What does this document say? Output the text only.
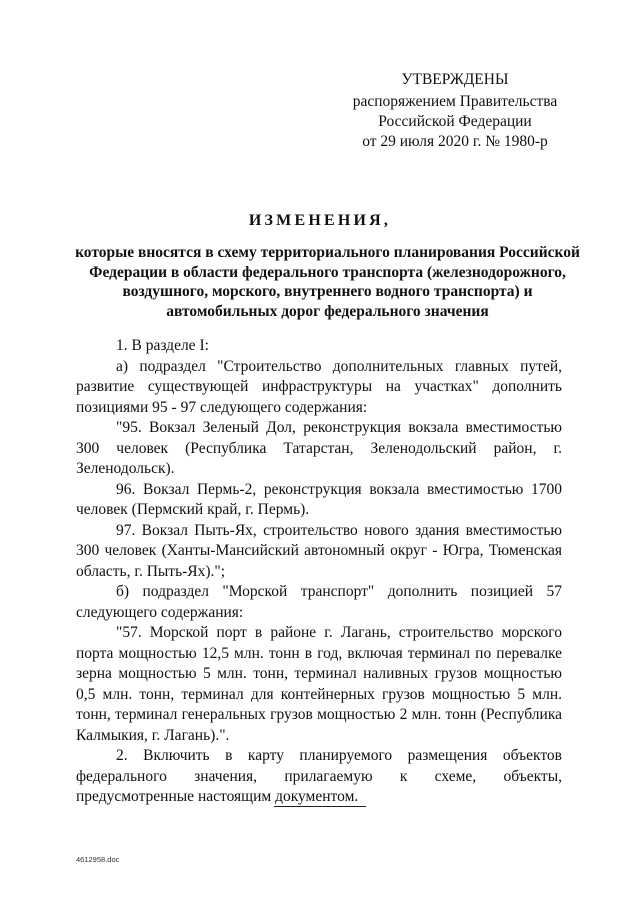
УТВЕРЖДЕНЫ
распоряжением Правительства
Российской Федерации
от 29 июля 2020 г. № 1980-р
ИЗМЕНЕНИЯ,
которые вносятся в схему территориального планирования Российской Федерации в области федерального транспорта (железнодорожного, воздушного, морского, внутреннего водного транспорта) и автомобильных дорог федерального значения

1. В разделе I:

а) подраздел "Строительство дополнительных главных путей, развитие существующей инфраструктуры на участках" дополнить позициями 95 - 97 следующего содержания:

"95. Вокзал Зеленый Дол, реконструкция вокзала вместимостью 300 человек (Республика Татарстан, Зеленодольский район, г. Зеленодольск).

96. Вокзал Пермь-2, реконструкция вокзала вместимостью 1700 человек (Пермский край, г. Пермь).

97. Вокзал Пыть-Ях, строительство нового здания вместимостью 300 человек (Ханты-Мансийский автономный округ - Югра, Тюменская область, г. Пыть-Ях).";

б) подраздел "Морской транспорт" дополнить позицией 57 следующего содержания:

"57. Морской порт в районе г. Лагань, строительство морского порта мощностью 12,5 млн. тонн в год, включая терминал по перевалке зерна мощностью 5 млн. тонн, терминал наливных грузов мощностью 0,5 млн. тонн, терминал для контейнерных грузов мощностью 5 млн. тонн, терминал генеральных грузов мощностью 2 млн. тонн (Республика Калмыкия, г. Лагань).".

2. Включить в карту планируемого размещения объектов федерального значения, прилагаемую к схеме, объекты, предусмотренные настоящим документом.

4612958.doc
